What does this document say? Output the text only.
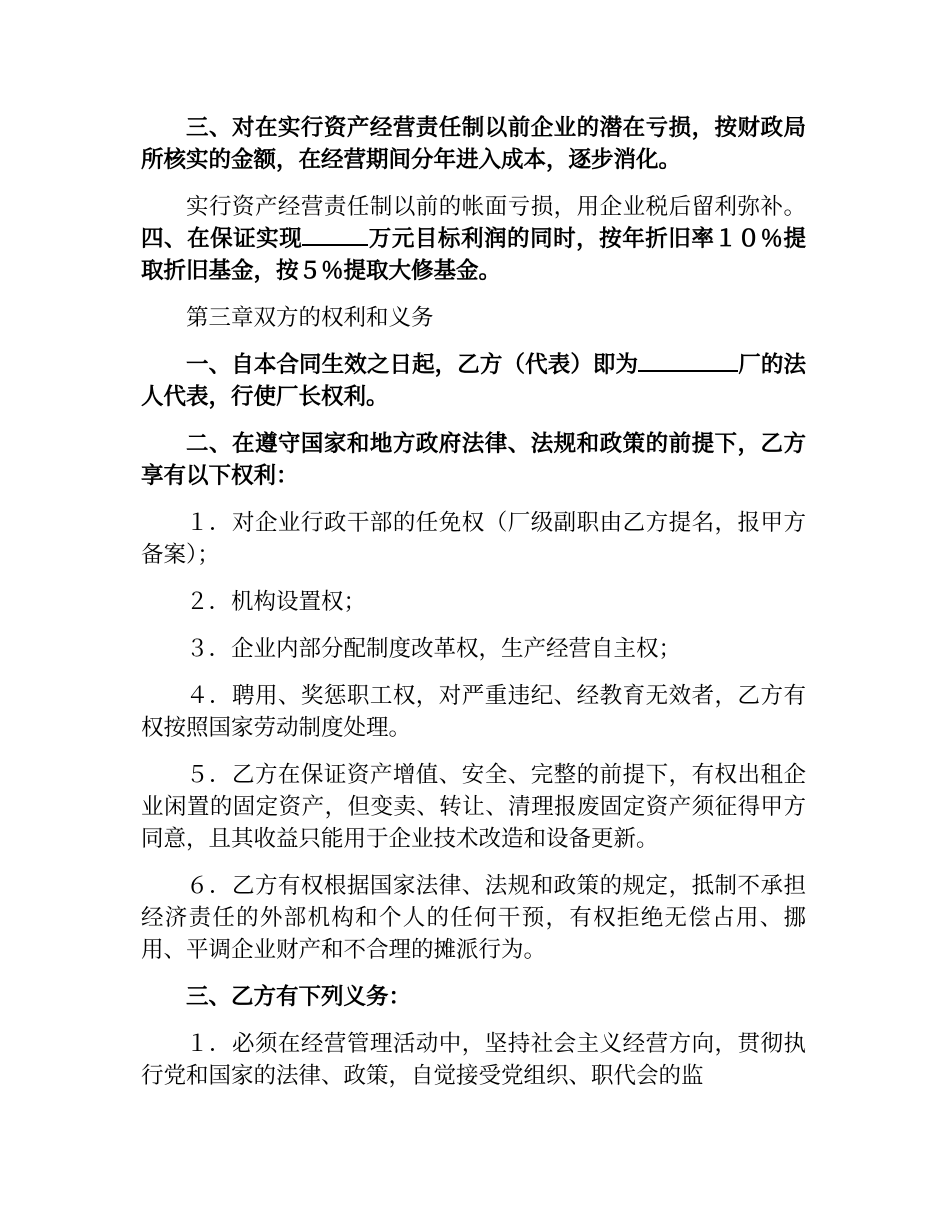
三、对在实行资产经营责任制以前企业的潜在亏损，按财政局所核实的金额，在经营期间分年进入成本，逐步消化。

实行资产经营责任制以前的帐面亏损，用企业税后留利弥补。四、在保证实现	万元目标利润的同时，按年折旧率１０％提取折旧基金，按５％提取大修基金。

第三章双方的权利和义务

一、自本合同生效之日起，乙方（代表）即为	厂的法人代表，行使厂长权利。

二、在遵守国家和地方政府法律、法规和政策的前提下，乙方享有以下权利：

１．对企业行政干部的任免权（厂级副职由乙方提名，报甲方备案）；

２．机构设置权；

３．企业内部分配制度改革权，生产经营自主权；

４．聘用、奖惩职工权，对严重违纪、经教育无效者，乙方有权按照国家劳动制度处理。

５．乙方在保证资产增值、安全、完整的前提下，有权出租企业闲置的固定资产，但变卖、转让、清理报废固定资产须征得甲方同意，且其收益只能用于企业技术改造和设备更新。

６．乙方有权根据国家法律、法规和政策的规定，抵制不承担经济责任的外部机构和个人的任何干预，有权拒绝无偿占用、挪用、平调企业财产和不合理的摊派行为。

三、乙方有下列义务：

１．必须在经营管理活动中，坚持社会主义经营方向，贯彻执行党和国家的法律、政策，自觉接受党组织、职代会的监
